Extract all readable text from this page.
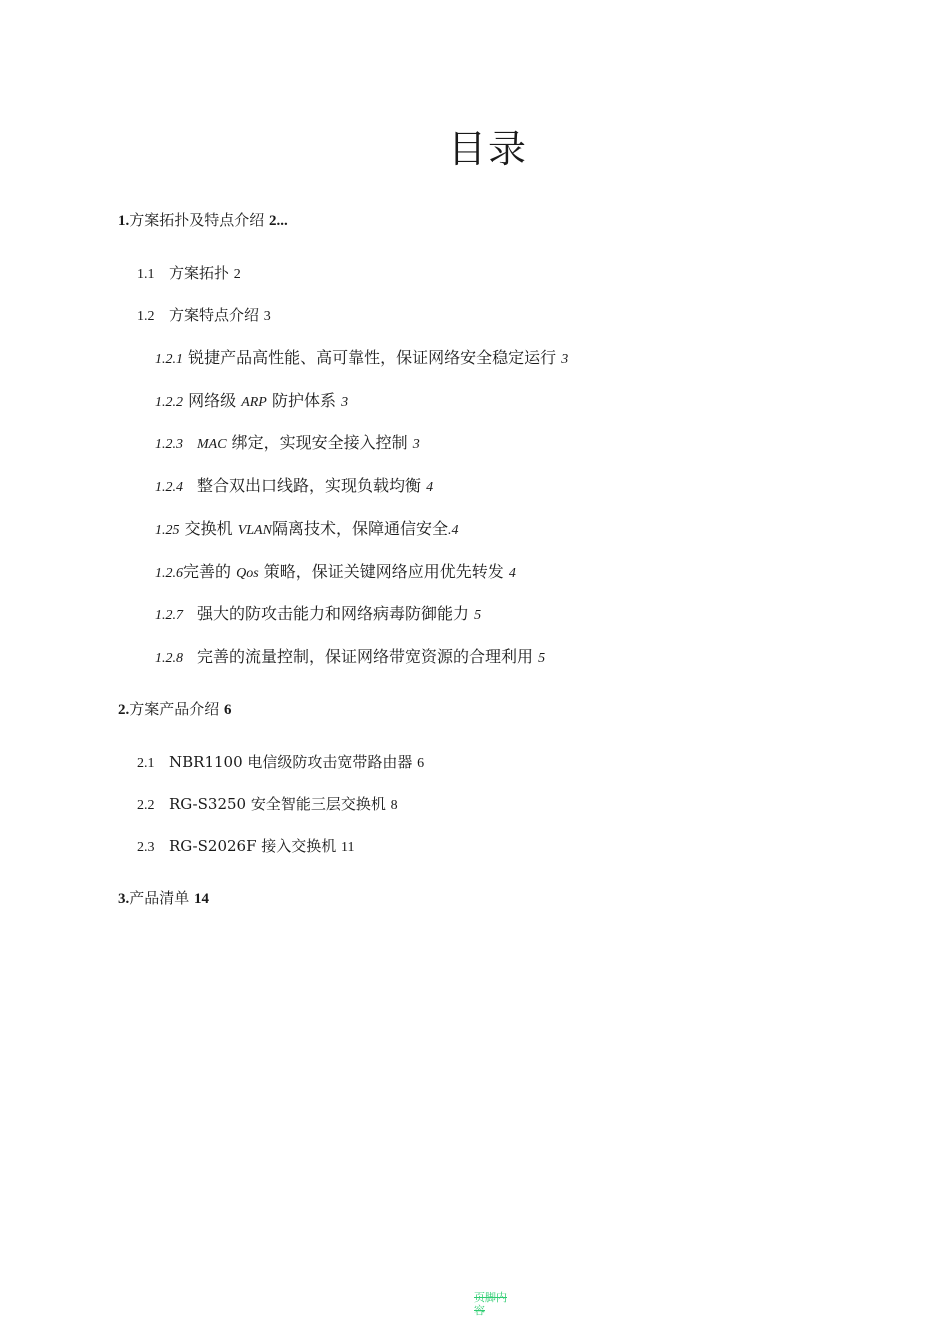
目录
1.方案拓扑及特点介绍 2...
1.1 方案拓扑 2
1.2 方案特点介绍 3
1.2.1 锐捷产品高性能、高可靠性，保证网络安全稳定运行 3
1.2.2 网络级 ARP 防护体系 3
1.2.3 MAC 绑定，实现安全接入控制 3
1.2.4 整合双出口线路，实现负载均衡 4
1.25 交换机 VLAN隔离技术，保障通信安全.4
1.2.6完善的 Qos 策略，保证关键网络应用优先转发 4
1.2.7 强大的防攻击能力和网络病毒防御能力 5
1.2.8 完善的流量控制，保证网络带宽资源的合理利用 5
2.方案产品介绍 6
2.1 NBR1100 电信级防攻击宽带路由器 6
2.2 RG-S3250 安全智能三层交换机 8
2.3 RG-S2026F 接入交换机 11
3.产品清单 14
页脚内容
